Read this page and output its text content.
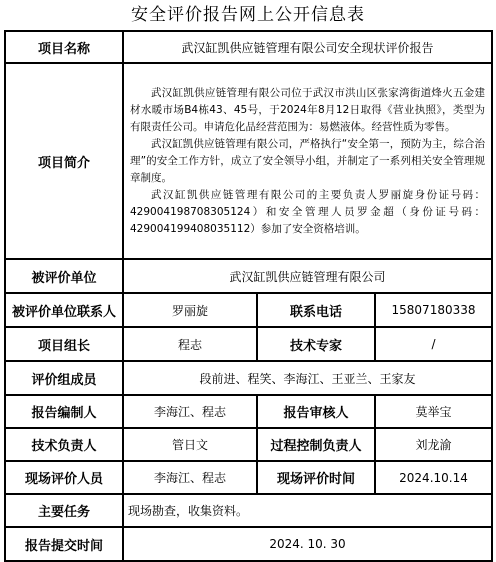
安全评价报告网上公开信息表
项目名称	武汉缸凯供应链管理有限公司安全现状评价报告		
项目简介	武汉缸凯供应链管理有限公司位于武汉市洪山区张家湾街道烽火五金建材水暖市场B4栋43、45号，于2024年8月12日取得《营业执照》，类型为有限责任公司。申请危化品经营范围为：易燃液体。经营性质为零售。

武汉缸凯供应链管理有限公司，严格执行“安全第一，预防为主，综合治理”的安全工作方针，成立了安全领导小组，并制定了一系列相关安全管理规章制度。

武汉缸凯供应链管理有限公司的主要负责人罗丽旋身份证号码：429004198708305124）和安全管理人员罗金超（身份证号码：429004199408035112）参加了安全资格培训。		

被评价单位	武汉缸凯供应链管理有限公司		
被评价单位联系人	罗丽旋	联系电话	15807180338
项目组长	程志	技术专家	/
评价组成员	段前进、程笑、李海江、王亚兰、王家友		
报告编制人	李海江、程志	报告审核人	莫举宝
技术负责人	管日文	过程控制负责人	刘龙渝
现场评价人员	李海江、程志	现场评价时间	2024.10.14
主要任务	现场勘查，收集资料。		
报告提交时间	2024. 10. 30		
